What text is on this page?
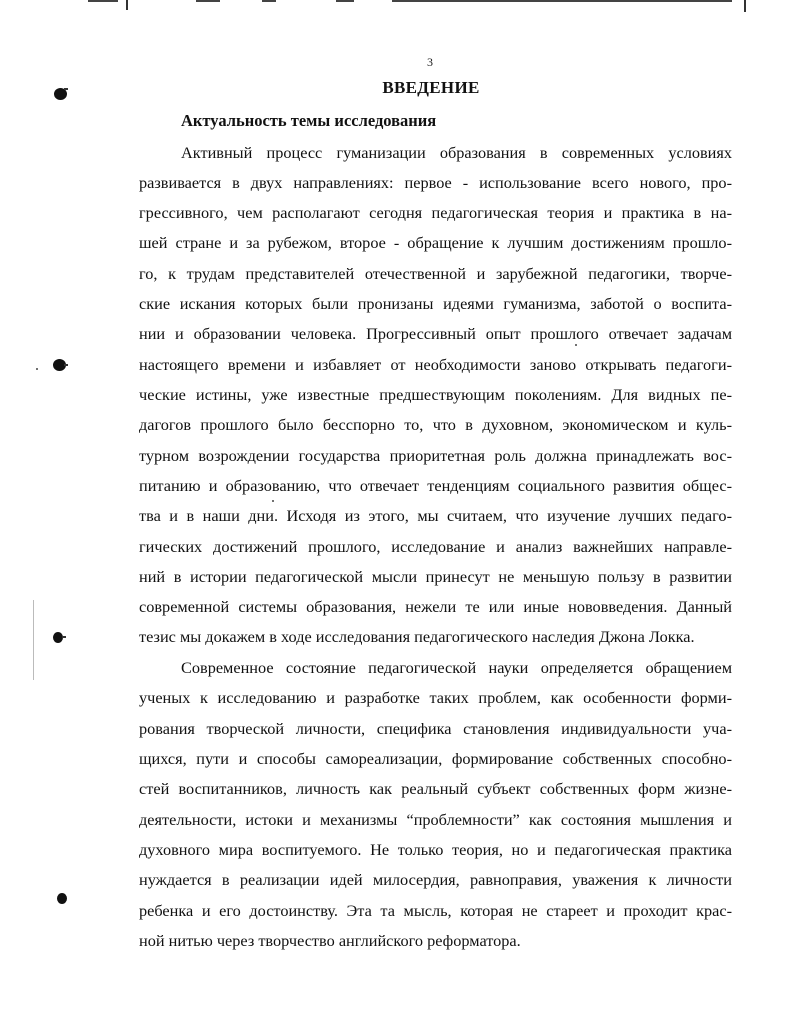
3
ВВЕДЕНИЕ
Актуальность темы исследования
Активный процесс гуманизации образования в современных условиях
развивается в двух направлениях: первое - использование всего нового, про-
грессивного, чем располагают сегодня педагогическая теория и практика в на-
шей стране и за рубежом, второе - обращение к лучшим достижениям прошло-
го, к трудам представителей отечественной и зарубежной педагогики, творче-
ские искания которых были пронизаны идеями гуманизма, заботой о воспита-
нии и образовании человека. Прогрессивный опыт прошлого отвечает задачам
настоящего времени и избавляет от необходимости заново открывать педагоги-
ческие истины, уже известные предшествующим поколениям. Для видных пе-
дагогов прошлого было бесспорно то, что в духовном, экономическом и куль-
турном возрождении государства приоритетная роль должна принадлежать вос-
питанию и образованию, что отвечает тенденциям социального развития общес-
тва и в наши дни. Исходя из этого, мы считаем, что изучение лучших педаго-
гических достижений прошлого, исследование и анализ важнейших направле-
ний в истории педагогической мысли принесут не меньшую пользу в развитии
современной системы образования, нежели те или иные нововведения. Данный
тезис мы докажем в ходе исследования педагогического наследия Джона Локка.
Современное состояние педагогической науки определяется обращением
ученых к исследованию и разработке таких проблем, как особенности форми-
рования творческой личности, специфика становления индивидуальности уча-
щихся, пути и способы самореализации, формирование собственных способно-
стей воспитанников, личность как реальный субъект собственных форм жизне-
деятельности, истоки и механизмы “проблемности” как состояния мышления и
духовного мира воспитуемого. Не только теория, но и педагогическая практика
нуждается в реализации идей милосердия, равноправия, уважения к личности
ребенка и его достоинству. Эта та мысль, которая не стареет и проходит крас-
ной нитью через творчество английского реформатора.
